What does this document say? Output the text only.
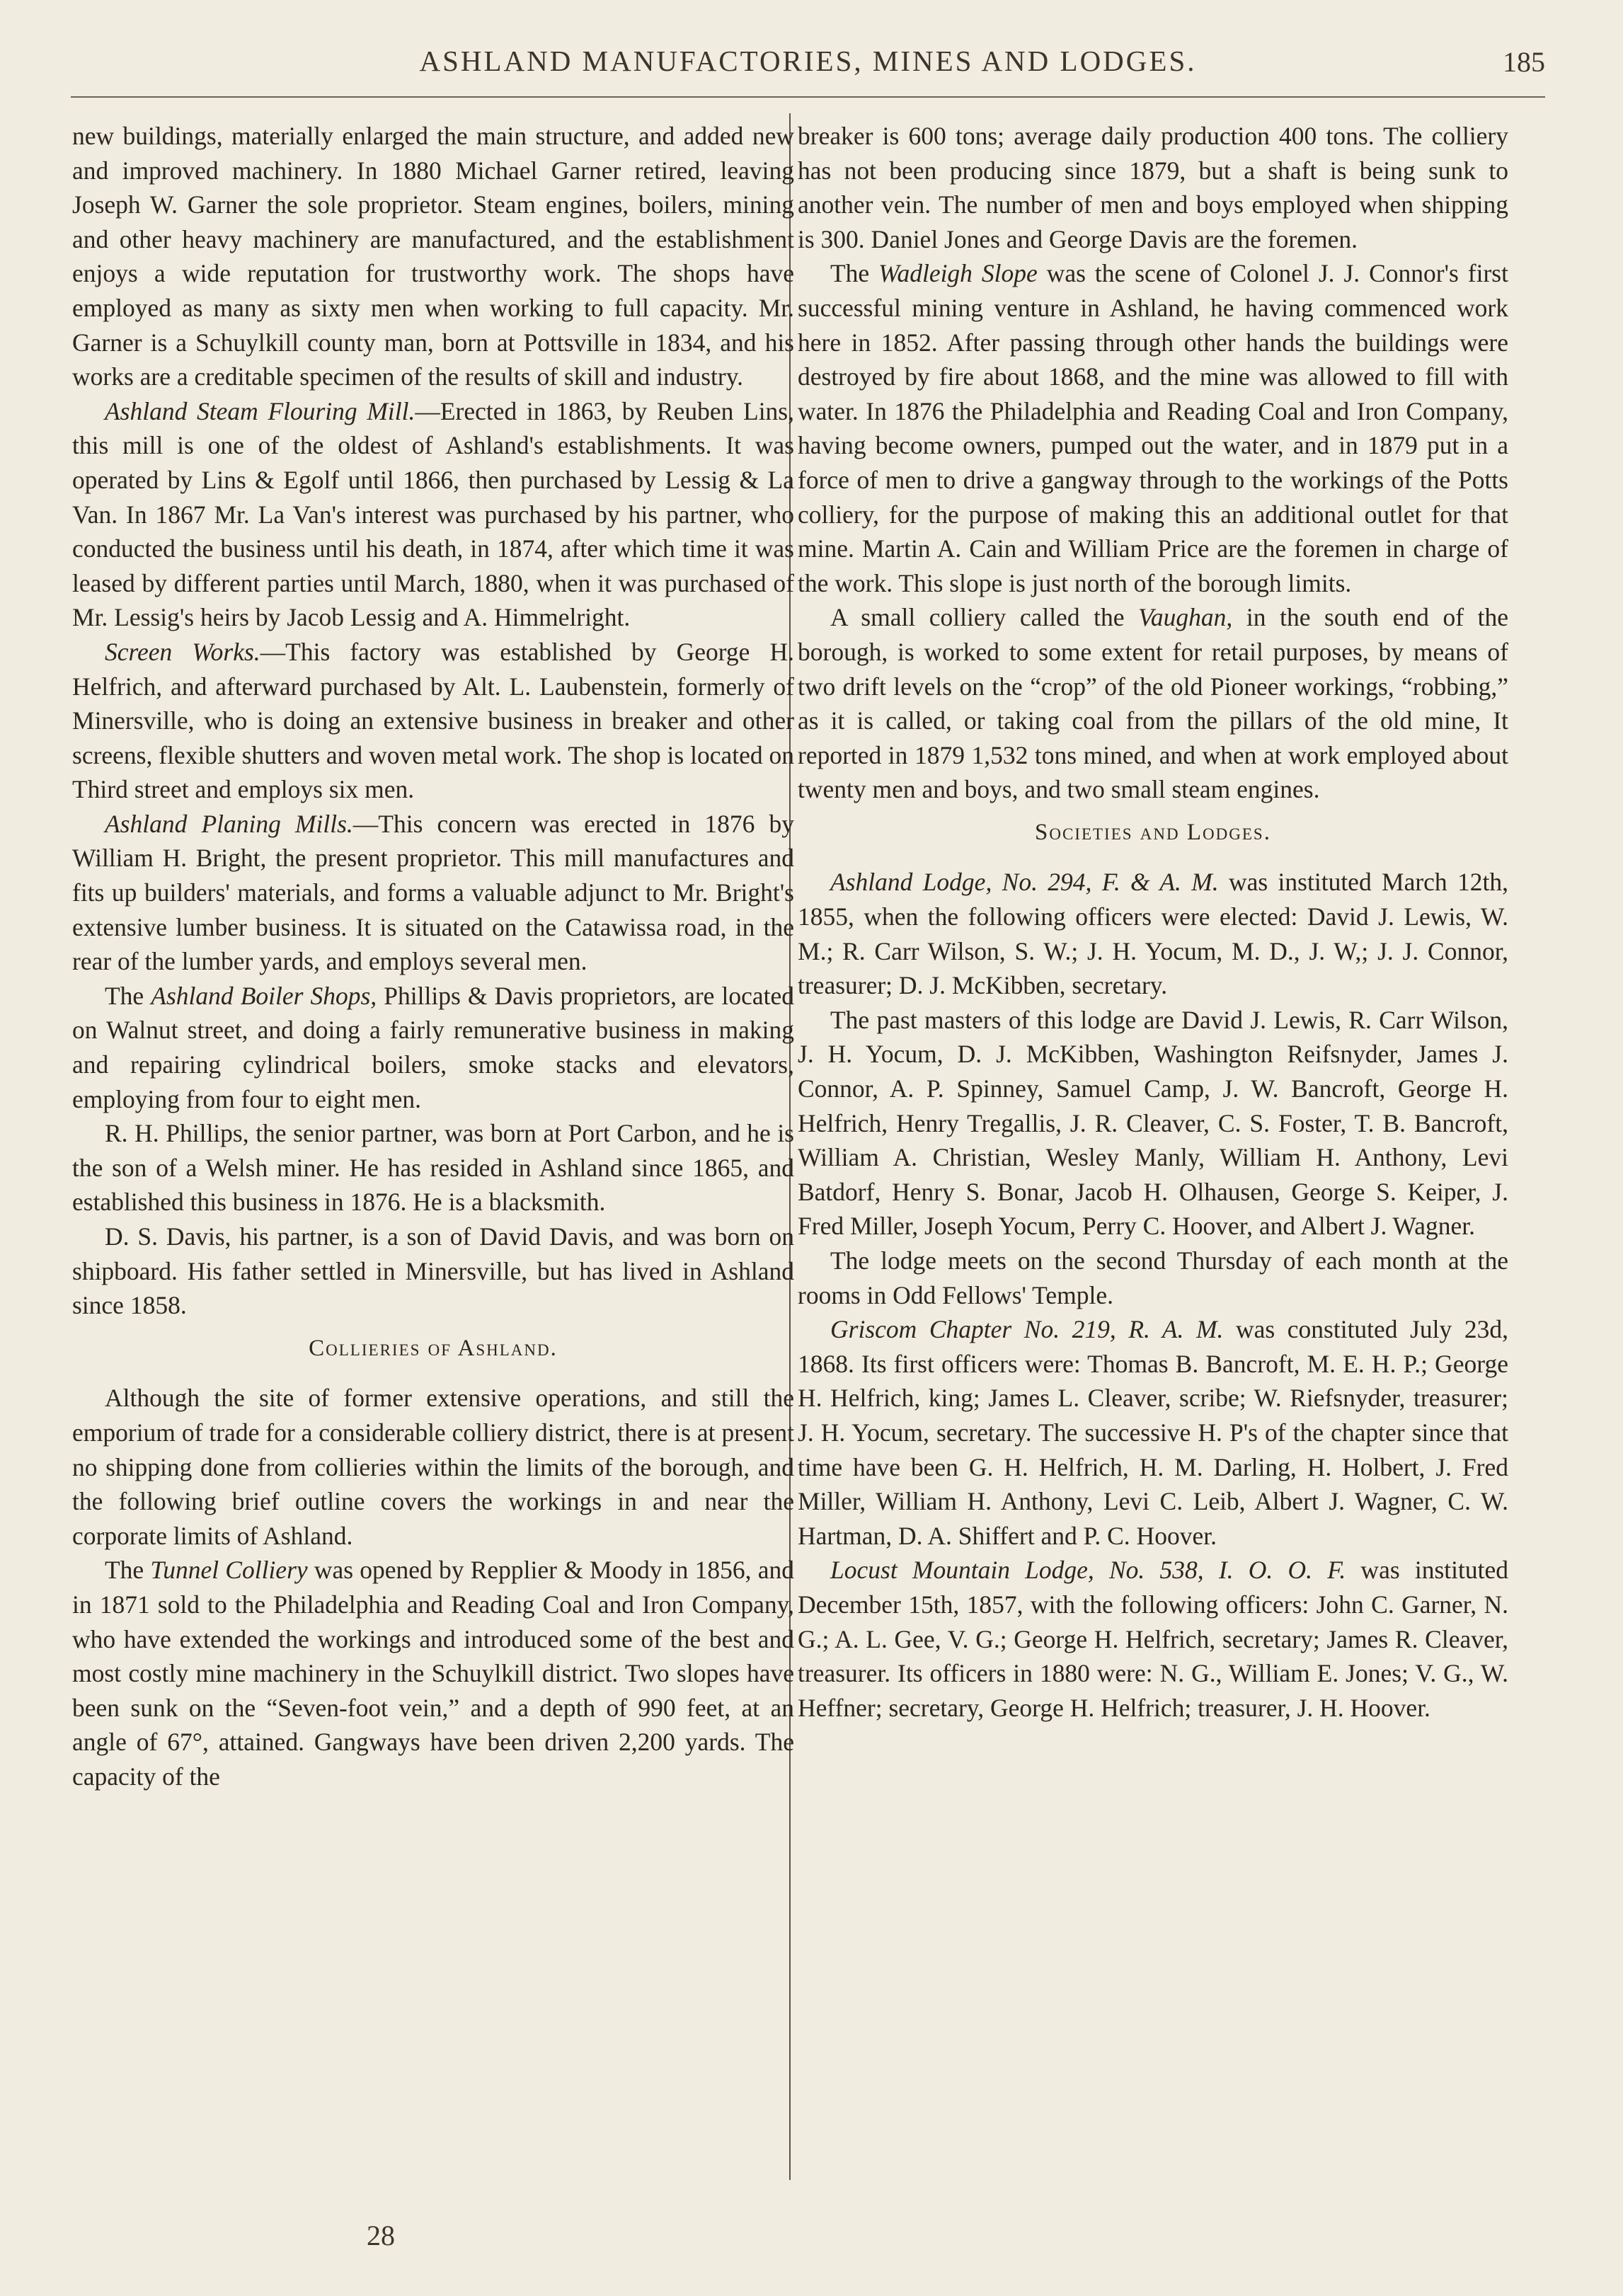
ASHLAND MANUFACTORIES, MINES AND LODGES.	185

new buildings, materially enlarged the main structure, and added new and improved machinery. In 1880 Michael Garner retired, leaving Joseph W. Garner the sole proprietor. Steam engines, boilers, mining and other heavy machinery are manufactured, and the establishment enjoys a wide reputation for trustworthy work. The shops have employed as many as sixty men when working to full capacity. Mr. Garner is a Schuylkill county man, born at Pottsville in 1834, and his works are a creditable specimen of the results of skill and industry.

Ashland Steam Flouring Mill.—Erected in 1863, by Reuben Lins, this mill is one of the oldest of Ashland's establishments. It was operated by Lins & Egolf until 1866, then purchased by Lessig & La Van. In 1867 Mr. La Van's interest was purchased by his partner, who conducted the business until his death, in 1874, after which time it was leased by different parties until March, 1880, when it was purchased of Mr. Lessig's heirs by Jacob Lessig and A. Himmelright.

Screen Works.—This factory was established by George H. Helfrich, and afterward purchased by Alt. L. Laubenstein, formerly of Minersville, who is doing an extensive business in breaker and other screens, flexible shutters and woven metal work. The shop is located on Third street and employs six men.

Ashland Planing Mills.—This concern was erected in 1876 by William H. Bright, the present proprietor. This mill manufactures and fits up builders' materials, and forms a valuable adjunct to Mr. Bright's extensive lumber business. It is situated on the Catawissa road, in the rear of the lumber yards, and employs several men.

The Ashland Boiler Shops, Phillips & Davis proprietors, are located on Walnut street, and doing a fairly remunerative business in making and repairing cylindrical boilers, smoke stacks and elevators, employing from four to eight men.

R. H. Phillips, the senior partner, was born at Port Carbon, and he is the son of a Welsh miner. He has resided in Ashland since 1865, and established this business in 1876. He is a blacksmith.

D. S. Davis, his partner, is a son of David Davis, and was born on shipboard. His father settled in Minersville, but has lived in Ashland since 1858.

Collieries of Ashland.

Although the site of former extensive operations, and still the emporium of trade for a considerable colliery district, there is at present no shipping done from collieries within the limits of the borough, and the following brief outline covers the workings in and near the corporate limits of Ashland.

The Tunnel Colliery was opened by Repplier & Moody in 1856, and in 1871 sold to the Philadelphia and Reading Coal and Iron Company, who have extended the workings and introduced some of the best and most costly mine machinery in the Schuylkill district. Two slopes have been sunk on the “Seven-foot vein,” and a depth of 990 feet, at an angle of 67°, attained. Gangways have been driven 2,200 yards. The capacity of the

breaker is 600 tons; average daily production 400 tons. The colliery has not been producing since 1879, but a shaft is being sunk to another vein. The number of men and boys employed when shipping is 300. Daniel Jones and George Davis are the foremen.

The Wadleigh Slope was the scene of Colonel J. J. Connor's first successful mining venture in Ashland, he having commenced work here in 1852. After passing through other hands the buildings were destroyed by fire about 1868, and the mine was allowed to fill with water. In 1876 the Philadelphia and Reading Coal and Iron Company, having become owners, pumped out the water, and in 1879 put in a force of men to drive a gangway through to the workings of the Potts colliery, for the purpose of making this an additional outlet for that mine. Martin A. Cain and William Price are the foremen in charge of the work. This slope is just north of the borough limits.

A small colliery called the Vaughan, in the south end of the borough, is worked to some extent for retail purposes, by means of two drift levels on the “crop” of the old Pioneer workings, “robbing,” as it is called, or taking coal from the pillars of the old mine, It reported in 1879 1,532 tons mined, and when at work employed about twenty men and boys, and two small steam engines.

Societies and Lodges.

Ashland Lodge, No. 294, F. & A. M. was instituted March 12th, 1855, when the following officers were elected: David J. Lewis, W. M.; R. Carr Wilson, S. W.; J. H. Yocum, M. D., J. W,; J. J. Connor, treasurer; D. J. McKibben, secretary.

The past masters of this lodge are David J. Lewis, R. Carr Wilson, J. H. Yocum, D. J. McKibben, Washington Reifsnyder, James J. Connor, A. P. Spinney, Samuel Camp, J. W. Bancroft, George H. Helfrich, Henry Tregallis, J. R. Cleaver, C. S. Foster, T. B. Bancroft, William A. Christian, Wesley Manly, William H. Anthony, Levi Batdorf, Henry S. Bonar, Jacob H. Olhausen, George S. Keiper, J. Fred Miller, Joseph Yocum, Perry C. Hoover, and Albert J. Wagner.

The lodge meets on the second Thursday of each month at the rooms in Odd Fellows' Temple.

Griscom Chapter No. 219, R. A. M. was constituted July 23d, 1868. Its first officers were: Thomas B. Bancroft, M. E. H. P.; George H. Helfrich, king; James L. Cleaver, scribe; W. Riefsnyder, treasurer; J. H. Yocum, secretary. The successive H. P's of the chapter since that time have been G. H. Helfrich, H. M. Darling, H. Holbert, J. Fred Miller, William H. Anthony, Levi C. Leib, Albert J. Wagner, C. W. Hartman, D. A. Shiffert and P. C. Hoover.

Locust Mountain Lodge, No. 538, I. O. O. F. was instituted December 15th, 1857, with the following officers: John C. Garner, N. G.; A. L. Gee, V. G.; George H. Helfrich, secretary; James R. Cleaver, treasurer. Its officers in 1880 were: N. G., William E. Jones; V. G., W. Heffner; secretary, George H. Helfrich; treasurer, J. H. Hoover.

28
